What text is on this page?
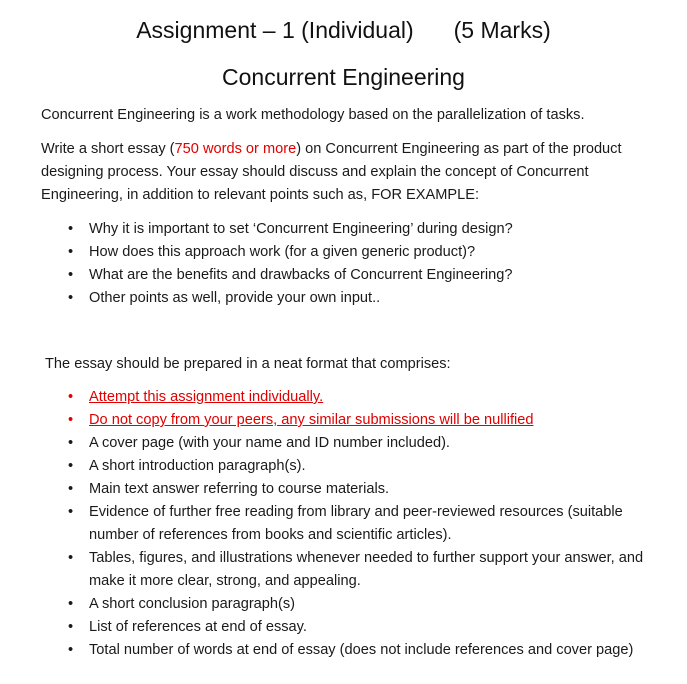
Assignment – 1 (Individual) (5 Marks)
Concurrent Engineering

Concurrent Engineering is a work methodology based on the parallelization of tasks.

Write a short essay (750 words or more) on Concurrent Engineering as part of the product designing process. Your essay should discuss and explain the concept of Concurrent Engineering, in addition to relevant points such as, FOR EXAMPLE:

• Why it is important to set ‘Concurrent Engineering’ during design?
• How does this approach work (for a given generic product)?
• What are the benefits and drawbacks of Concurrent Engineering?
• Other points as well, provide your own input..

The essay should be prepared in a neat format that comprises:

• Attempt this assignment individually.
• Do not copy from your peers, any similar submissions will be nullified
• A cover page (with your name and ID number included).
• A short introduction paragraph(s).
• Main text answer referring to course materials.
• Evidence of further free reading from library and peer-reviewed resources (suitable number of references from books and scientific articles).
• Tables, figures, and illustrations whenever needed to further support your answer, and make it more clear, strong, and appealing.
• A short conclusion paragraph(s)
• List of references at end of essay.
• Total number of words at end of essay (does not include references and cover page)
